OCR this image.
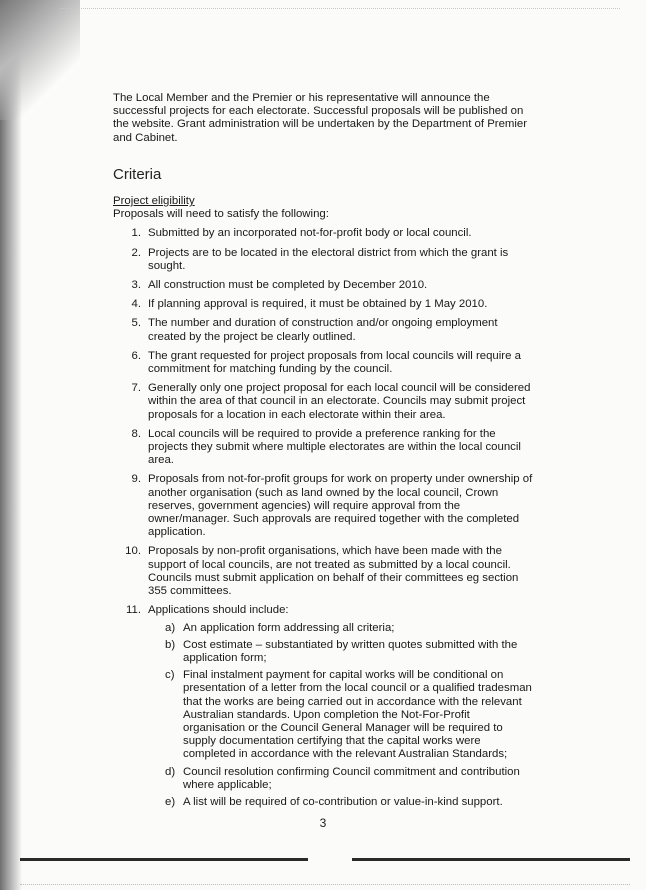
The Local Member and the Premier or his representative will announce the successful projects for each electorate. Successful proposals will be published on the website. Grant administration will be undertaken by the Department of Premier and Cabinet.

Criteria

Project eligibility

Proposals will need to satisfy the following:

1. Submitted by an incorporated not-for-profit body or local council.
2. Projects are to be located in the electoral district from which the grant is sought.
3. All construction must be completed by December 2010.
4. If planning approval is required, it must be obtained by 1 May 2010.
5. The number and duration of construction and/or ongoing employment created by the project be clearly outlined.
6. The grant requested for project proposals from local councils will require a commitment for matching funding by the council.
7. Generally only one project proposal for each local council will be considered within the area of that council in an electorate. Councils may submit project proposals for a location in each electorate within their area.
8. Local councils will be required to provide a preference ranking for the projects they submit where multiple electorates are within the local council area.
9. Proposals from not-for-profit groups for work on property under ownership of another organisation (such as land owned by the local council, Crown reserves, government agencies) will require approval from the owner/manager. Such approvals are required together with the completed application.
10. Proposals by non-profit organisations, which have been made with the support of local councils, are not treated as submitted by a local council. Councils must submit application on behalf of their committees eg section 355 committees.
11. Applications should include:
a) An application form addressing all criteria;
b) Cost estimate – substantiated by written quotes submitted with the application form;
c) Final instalment payment for capital works will be conditional on presentation of a letter from the local council or a qualified tradesman that the works are being carried out in accordance with the relevant Australian standards. Upon completion the Not-For-Profit organisation or the Council General Manager will be required to supply documentation certifying that the capital works were completed in accordance with the relevant Australian Standards;
d) Council resolution confirming Council commitment and contribution where applicable;
e) A list will be required of co-contribution or value-in-kind support.
3
